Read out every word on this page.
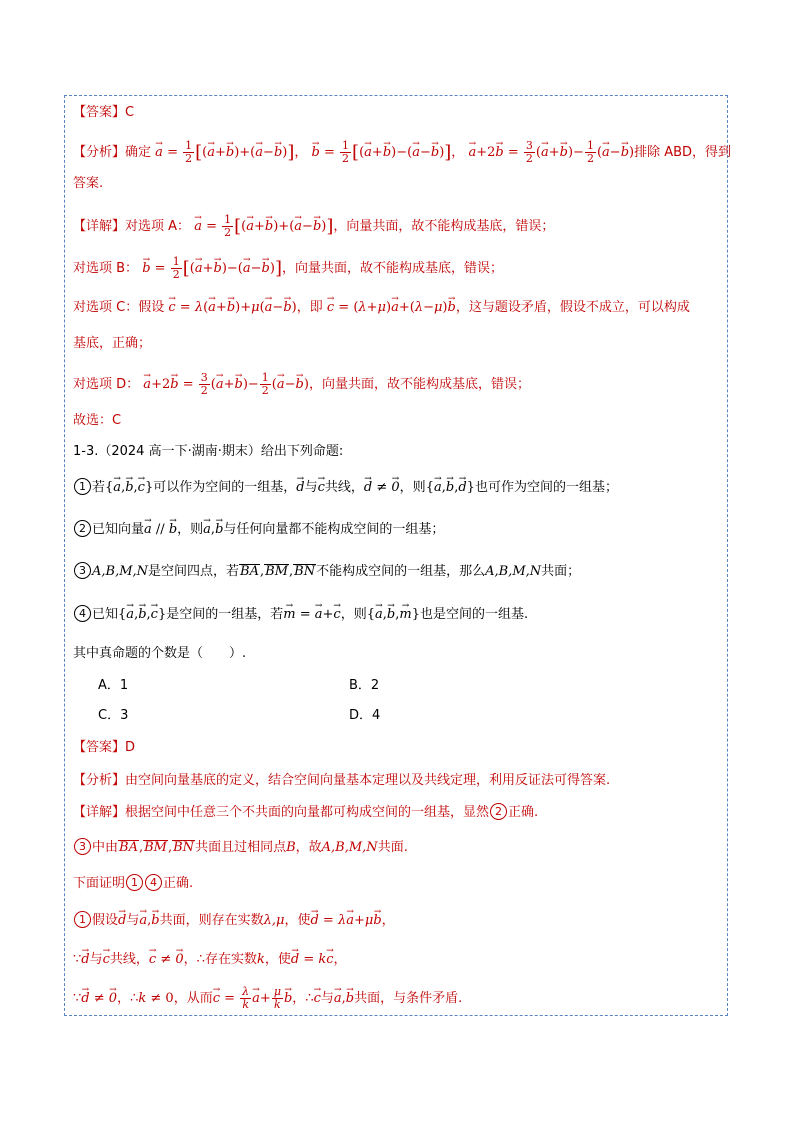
【答案】C
【分析】确定 → $a = \frac{1}{2}$ [(→ a+→ b)+(→ a−→ b)]， → $b = \frac{1}{2}$ [(→ a+→ b)−(→ a−→ b)]， → $a+2\to b = \frac{3}{2}$ (→ $a+\to b)- \frac{1}{2}$ (→ a−→ b)排除 ABD，得到
答案.
【详解】对选项 A： → $a = \frac{1}{2}$ [(→ a+→ b)+(→ a−→ b)]，向量共面，故不能构成基底，错误；
对选项 B： → $b = \frac{1}{2}$ [(→ a+→ b)−(→ a−→ b)]，向量共面，故不能构成基底，错误；
对选项 C：假设 → c = λ(→ a+→ b)+μ(→ a−→ b)，即 → c = (λ+μ)→ a+(λ−μ)→ b，这与题设矛盾，假设不成立，可以构成
基底，正确；
对选项 D： → $a+2\to b = \frac{3}{2}$ (→ $a+\to b)- \frac{1}{2}$ (→ a−→ b)，向量共面，故不能构成基底，错误；
故选：C
1-3.（2024 高一下·湖南·期末）给出下列命题:
1 若{→ a,→ b,→ c}可以作为空间的一组基，→ d与→ c共线，→ d ≠ → 0，则{→ a,→ b,→ d}也可作为空间的一组基；
2 已知向量→ a // → b，则→ a,→ b与任何向量都不能构成空间的一组基；
3 A,B,M,N是空间四点，若BA,BM,BN不能构成空间的一组基，那么A,B,M,N共面；
4 已知{→ a,→ b,→ c}是空间的一组基，若→ m = → a+→ c，则{→ a,→ b,→ m}也是空间的一组基.
其中真命题的个数是（　　）.
A．1	B．2
C．3	D．4
【答案】D
【分析】由空间向量基底的定义，结合空间向量基本定理以及共线定理，利用反证法可得答案.
【详解】根据空间中任意三个不共面的向量都可构成空间的一组基，显然 2 正确.
3 中由BA,BM,BN共面且过相同点B，故A,B,M,N共面.
下面证明 1 4 正确.
1 假设→ d与→ a,→ b共面，则存在实数λ,μ，使→ d = λ→ a+μ→ b，
∵→ d与→ c共线，→ c ≠ → 0，∴存在实数k，使→ d = k→ c，
∵→ d ≠ → 0，∴k ≠ 0，从而→ $c = \frac{\lambda}{k}$
→ $a+ \frac{\mu}{k}$
→ b，∴→ c与→ a,→ b共面，与条件矛盾.
